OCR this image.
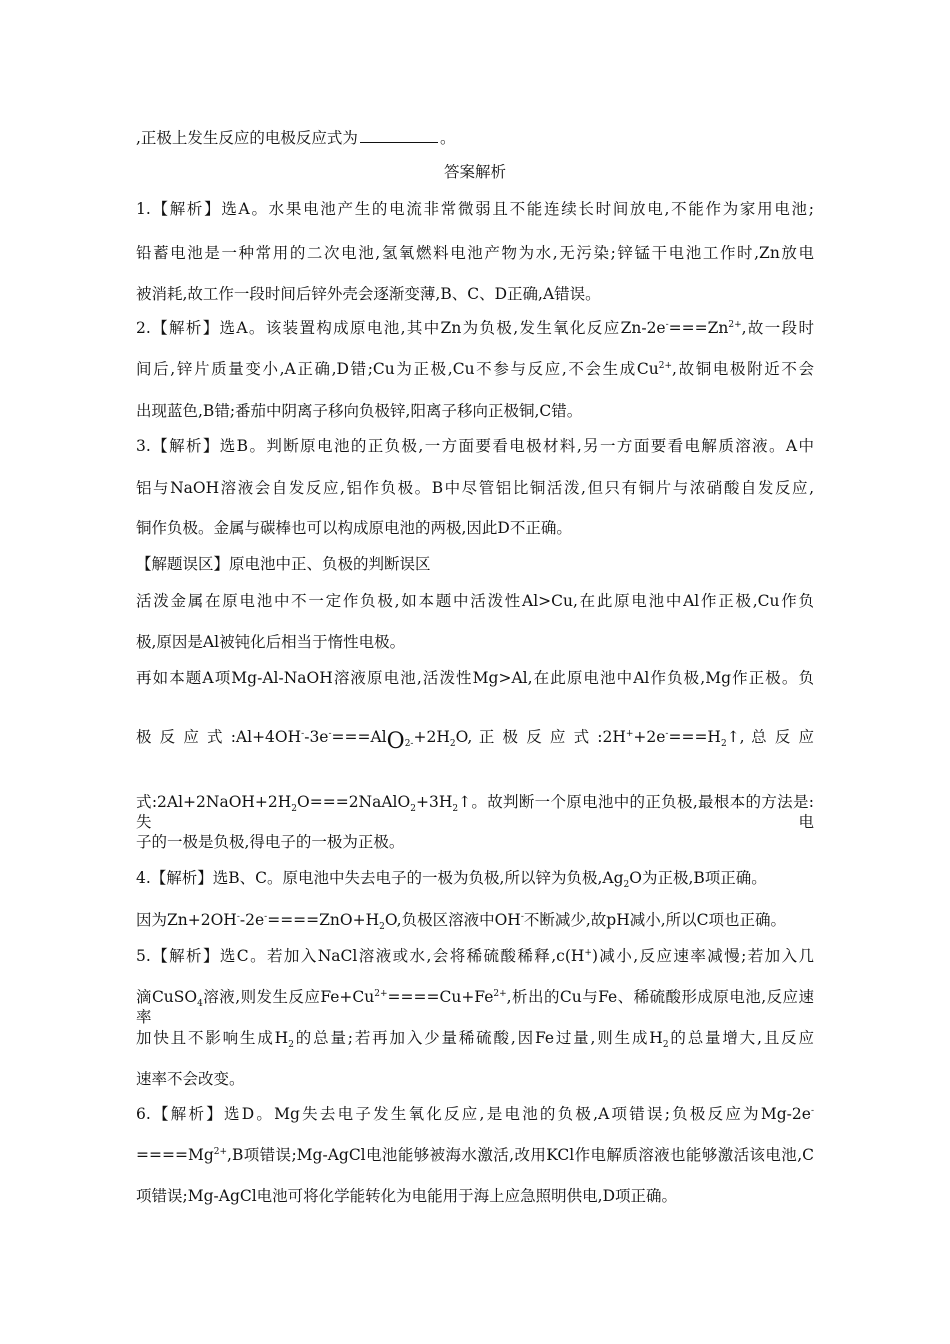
,正极上发生反应的电极反应式为	。
答案解析
1.【解析】选A。水果电池产生的电流非常微弱且不能连续长时间放电,不能作为家用电池;
铅蓄电池是一种常用的二次电池,氢氧燃料电池产物为水,无污染;锌锰干电池工作时,Zn放电
被消耗,故工作一段时间后锌外壳会逐渐变薄,B、C、D正确,A错误。
2.【解析】选A。该装置构成原电池,其中Zn为负极,发生氧化反应$Zn-2e^-===Zn^{2+}$,故一段时
间后,锌片质量变小,A正确,D错;Cu为正极,Cu不参与反应,不会生成$Cu^{2+}$,故铜电极附近不会
出现蓝色,B错;番茄中阴离子移向负极锌,阳离子移向正极铜,C错。
3.【解析】选B。判断原电池的正负极,一方面要看电极材料,另一方面要看电解质溶液。A中
铝与NaOH溶液会自发反应,铝作负极。B中尽管铝比铜活泼,但只有铜片与浓硝酸自发反应,
铜作负极。金属与碳棒也可以构成原电池的两极,因此D不正确。
【解题误区】原电池中正、负极的判断误区
活泼金属在原电池中不一定作负极,如本题中活泼性Al>Cu,在此原电池中Al作正极,Cu作负
极,原因是Al被钝化后相当于惰性电极。
再如本题A项Mg-Al-NaOH溶液原电池,活泼性Mg>Al,在此原电池中Al作负极,Mg作正极。负
极 反 应 式 $:Al+4OH^--3e^-===AlO_{2-}+2H_2O$, 正 极 反 应 式 $:2H^++2e^-===H_2↑$, 总 反 应
式$:2Al+2NaOH+2H_2O===2NaAlO_2+3H_2↑$。故判断一个原电池中的正负极,最根本的方法是:失电
子的一极是负极,得电子的一极为正极。
4.【解析】选B、C。原电池中失去电子的一极为负极,所以锌为负极$,Ag_2O$为正极,B项正确。
因为$Zn+2OH^--2e^-====ZnO+H_2O$,负极区溶液中OH-不断减少,故pH减小,所以C项也正确。
5.【解析】选C。若加入NaCl溶液或水,会将稀硫酸稀释,c(H+)减小,反应速率减慢;若加入几
滴CuSO$_4$溶液,则发生反应$Fe+Cu^{2+}====Cu+Fe^{2+}$,析出的Cu与Fe、稀硫酸形成原电池,反应速率
加快且不影响生成$H_2$的总量;若再加入少量稀硫酸,因Fe过量,则生成$H_2$的总量增大,且反应
速率不会改变。
6.【解析】选D。Mg失去电子发生氧化反应,是电池的负极,A项错误;负极反应为Mg-2e-
$====Mg^{2+},B$项错误;Mg-AgCl电池能够被海水激活,改用KCl作电解质溶液也能够激活该电池,C
项错误;Mg-AgCl电池可将化学能转化为电能用于海上应急照明供电,D项正确。
